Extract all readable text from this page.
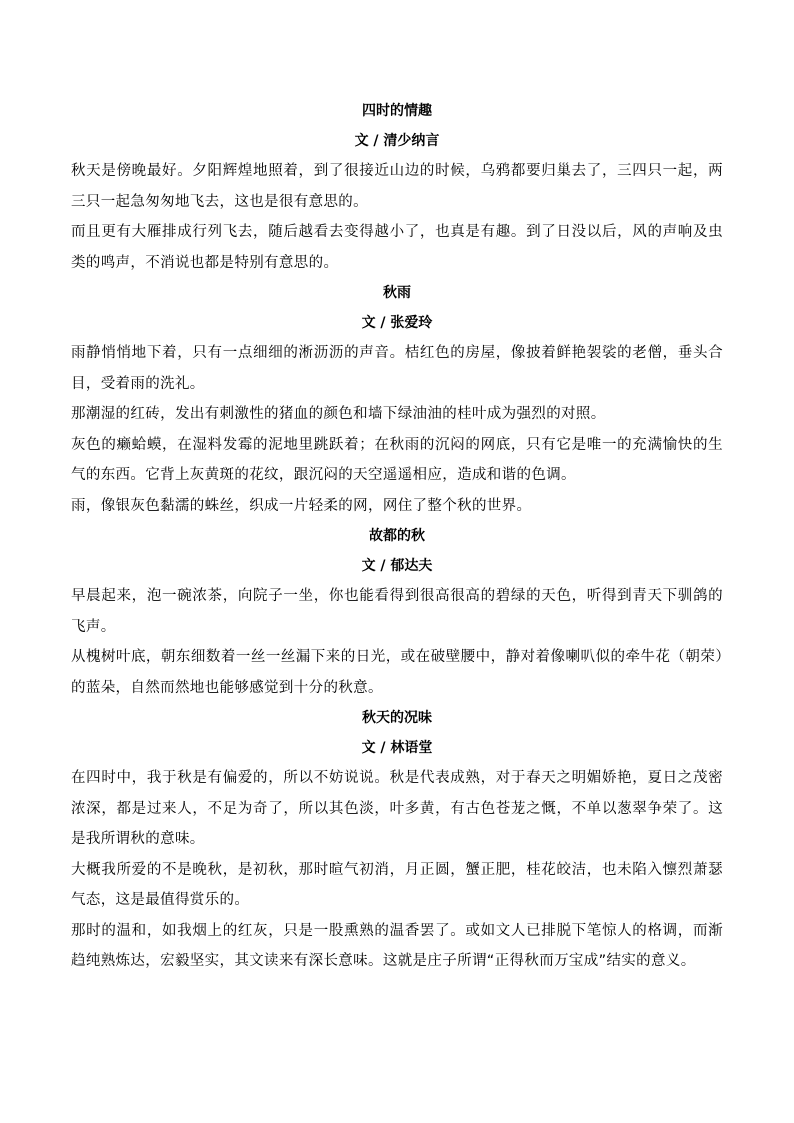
四时的情趣

文 / 清少纳言

秋天是傍晚最好。夕阳辉煌地照着，到了很接近山边的时候，乌鸦都要归巢去了，三四只一起，两三只一起急匆匆地飞去，这也是很有意思的。

而且更有大雁排成行列飞去，随后越看去变得越小了，也真是有趣。到了日没以后，风的声响及虫类的鸣声，不消说也都是特别有意思的。

秋雨

文 / 张爱玲

雨静悄悄地下着，只有一点细细的淅沥沥的声音。桔红色的房屋，像披着鲜艳袈裟的老僧，垂头合目，受着雨的洗礼。

那潮湿的红砖，发出有刺激性的猪血的颜色和墙下绿油油的桂叶成为强烈的对照。

灰色的癞蛤蟆，在湿料发霉的泥地里跳跃着；在秋雨的沉闷的网底，只有它是唯一的充满愉快的生气的东西。它背上灰黄斑的花纹，跟沉闷的天空遥遥相应，造成和谐的色调。

雨，像银灰色黏濡的蛛丝，织成一片轻柔的网，网住了整个秋的世界。

故都的秋

文 / 郁达夫

早晨起来，泡一碗浓茶，向院子一坐，你也能看得到很高很高的碧绿的天色，听得到青天下驯鸽的飞声。

从槐树叶底，朝东细数着一丝一丝漏下来的日光，或在破壁腰中，静对着像喇叭似的牵牛花（朝荣）的蓝朵，自然而然地也能够感觉到十分的秋意。

秋天的况味

文 / 林语堂

在四时中，我于秋是有偏爱的，所以不妨说说。秋是代表成熟，对于春天之明媚娇艳，夏日之茂密浓深，都是过来人，不足为奇了，所以其色淡，叶多黄，有古色苍茏之慨，不单以葱翠争荣了。这是我所谓秋的意味。

大概我所爱的不是晚秋，是初秋，那时暄气初消，月正圆，蟹正肥，桂花皎洁，也未陷入懔烈萧瑟气态，这是最值得赏乐的。

那时的温和，如我烟上的红灰，只是一股熏熟的温香罢了。或如文人已排脱下笔惊人的格调，而渐趋纯熟炼达，宏毅坚实，其文读来有深长意味。这就是庄子所谓“正得秋而万宝成”结实的意义。
